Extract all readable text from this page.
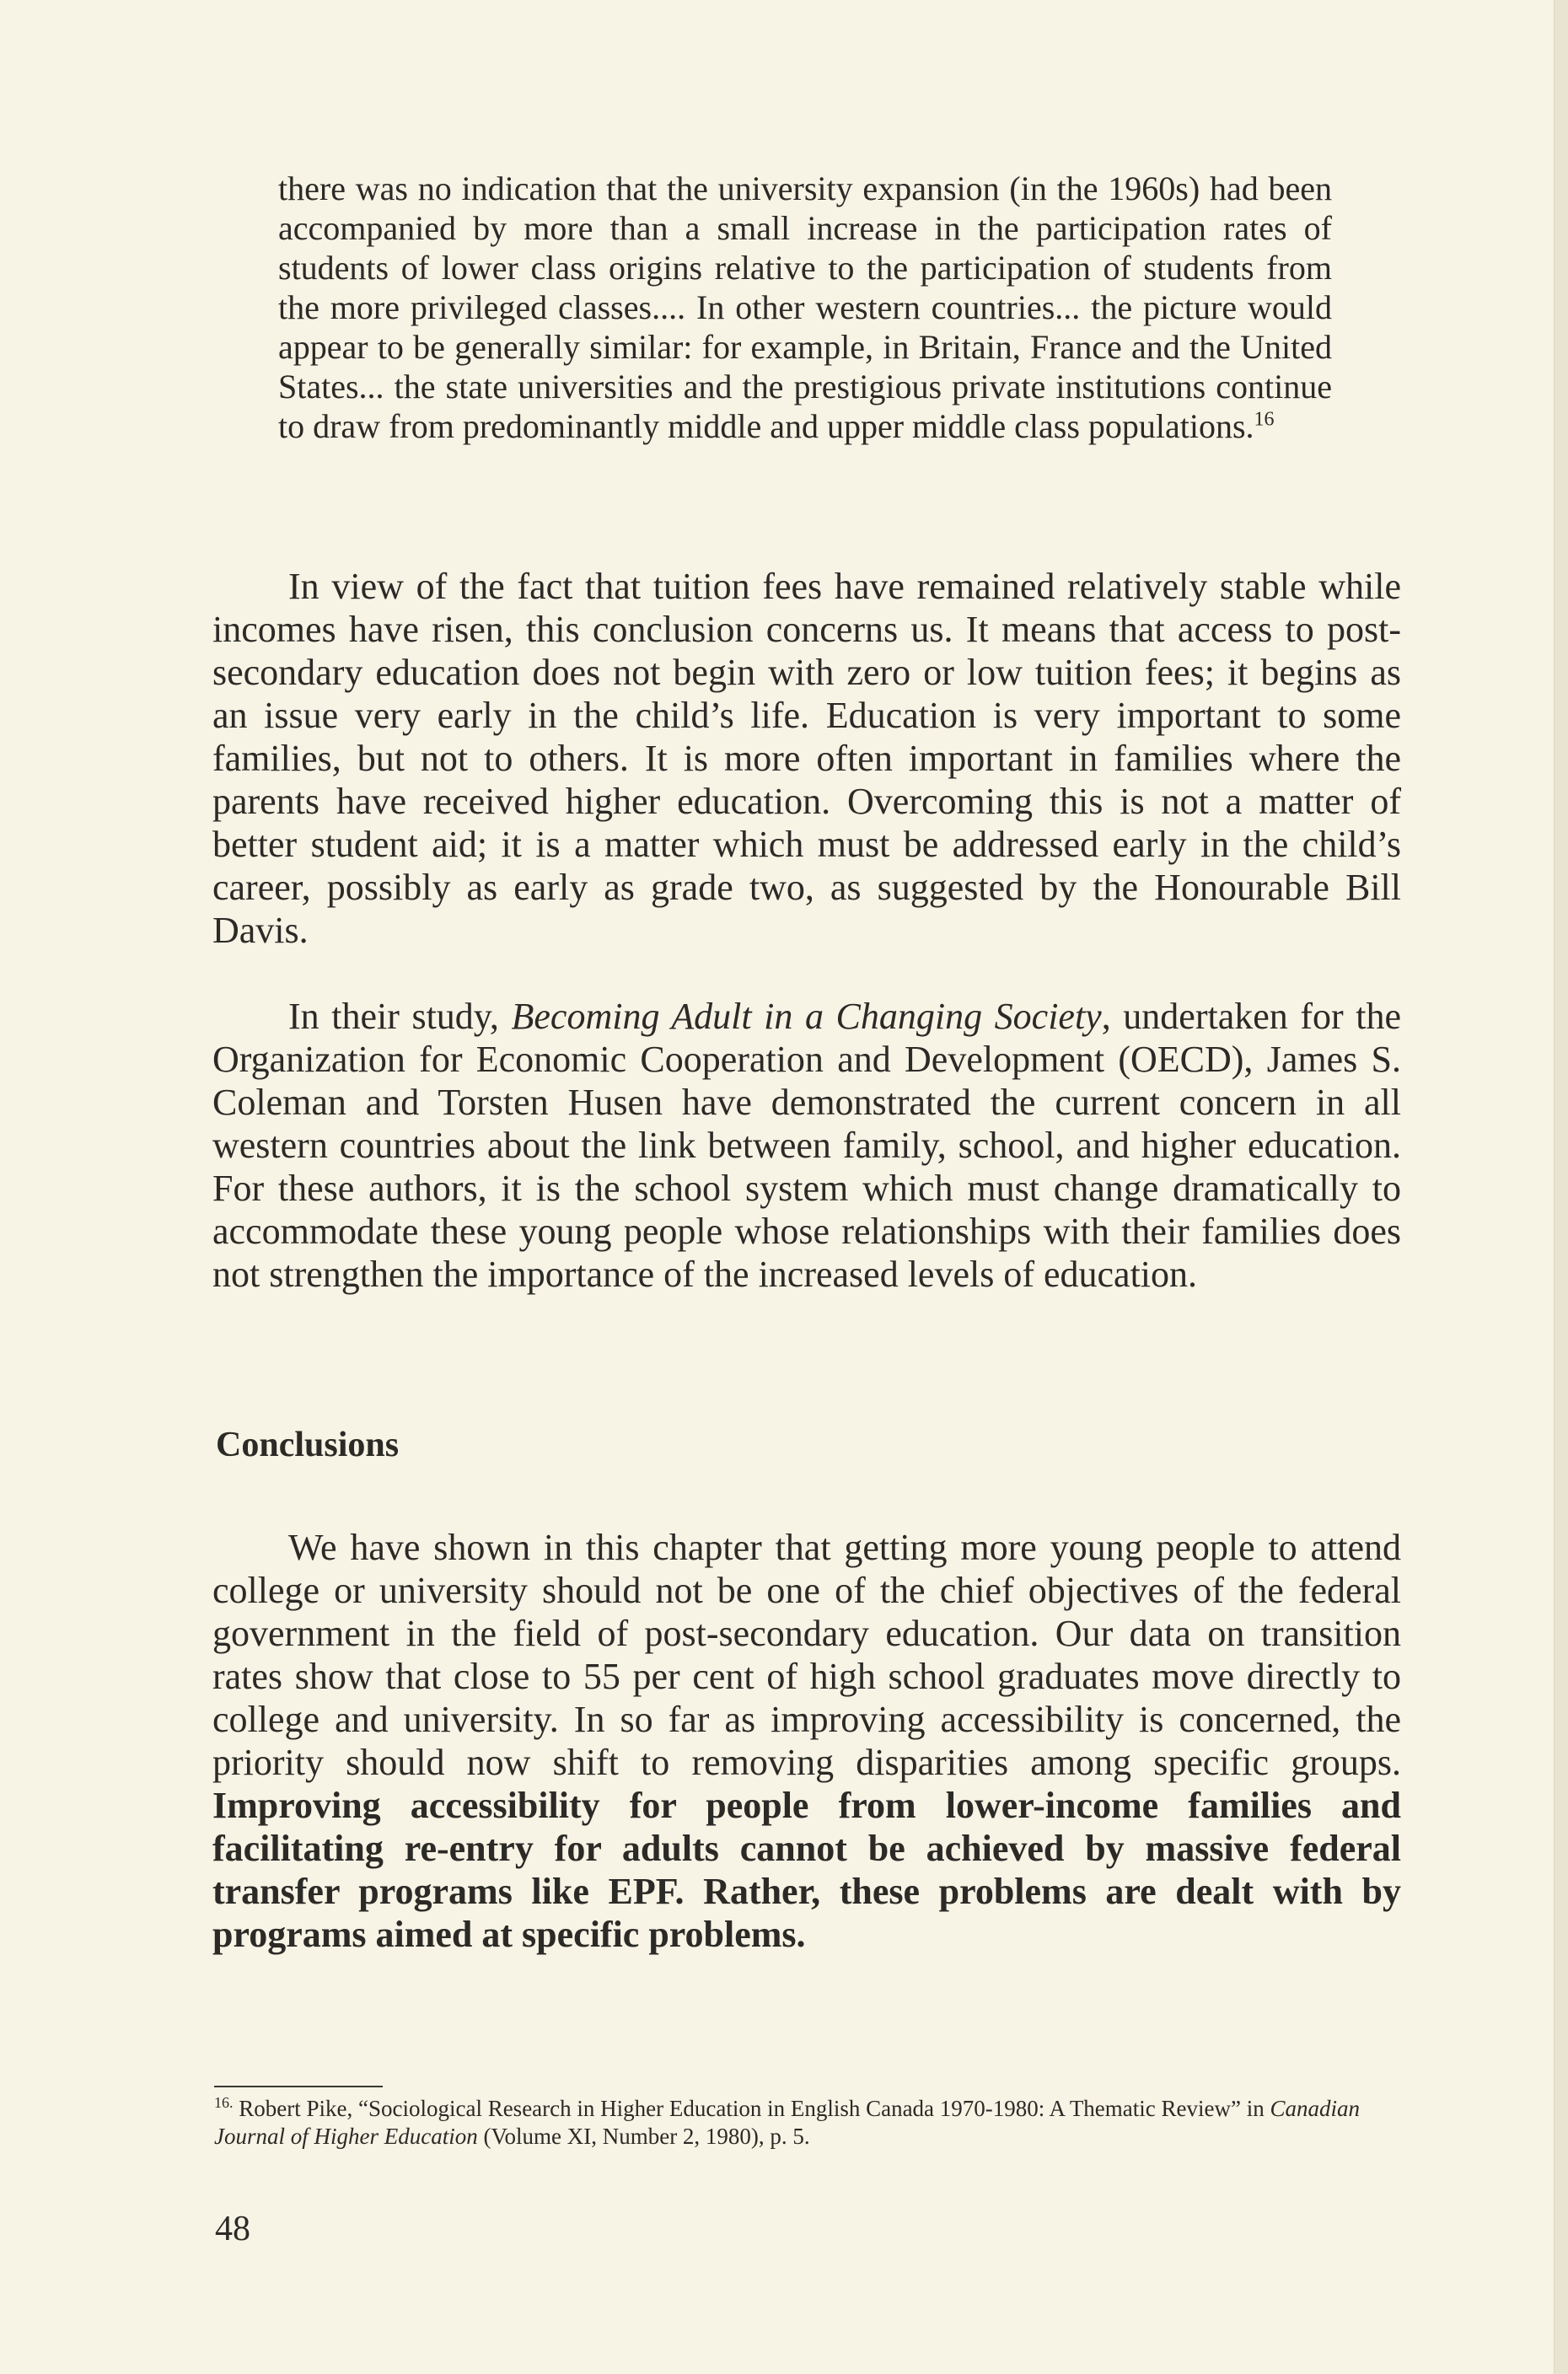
there was no indication that the university expansion (in the 1960s) had been accompanied by more than a small increase in the participation rates of students of lower class origins relative to the participation of students from the more privileged classes.... In other western countries... the picture would appear to be generally similar: for example, in Britain, France and the United States... the state universities and the prestigious private institutions continue to draw from predominantly middle and upper middle class populations.$^{16}$

In view of the fact that tuition fees have remained relatively stable while incomes have risen, this conclusion concerns us. It means that access to post-secondary education does not begin with zero or low tuition fees; it begins as an issue very early in the child’s life. Education is very important to some families, but not to others. It is more often important in families where the parents have received higher education. Overcoming this is not a matter of better student aid; it is a matter which must be addressed early in the child’s career, possibly as early as grade two, as suggested by the Honourable Bill Davis.

In their study, Becoming Adult in a Changing Society, undertaken for the Organization for Economic Cooperation and Development (OECD), James S. Coleman and Torsten Husen have demonstrated the current concern in all western countries about the link between family, school, and higher education. For these authors, it is the school system which must change dramatically to accommodate these young people whose relationships with their families does not strengthen the importance of the increased levels of education.

Conclusions

We have shown in this chapter that getting more young people to attend college or university should not be one of the chief objectives of the federal government in the field of post-secondary education. Our data on transition rates show that close to 55 per cent of high school graduates move directly to college and university. In so far as improving accessibility is concerned, the priority should now shift to removing disparities among specific groups. Improving accessibility for people from lower-income families and facilitating re-entry for adults cannot be achieved by massive federal transfer programs like EPF. Rather, these problems are dealt with by programs aimed at specific problems.

$^{16.}$ Robert Pike, “Sociological Research in Higher Education in English Canada 1970-1980: A Thematic Review” in Canadian Journal of Higher Education (Volume XI, Number 2, 1980), p. 5.

48
